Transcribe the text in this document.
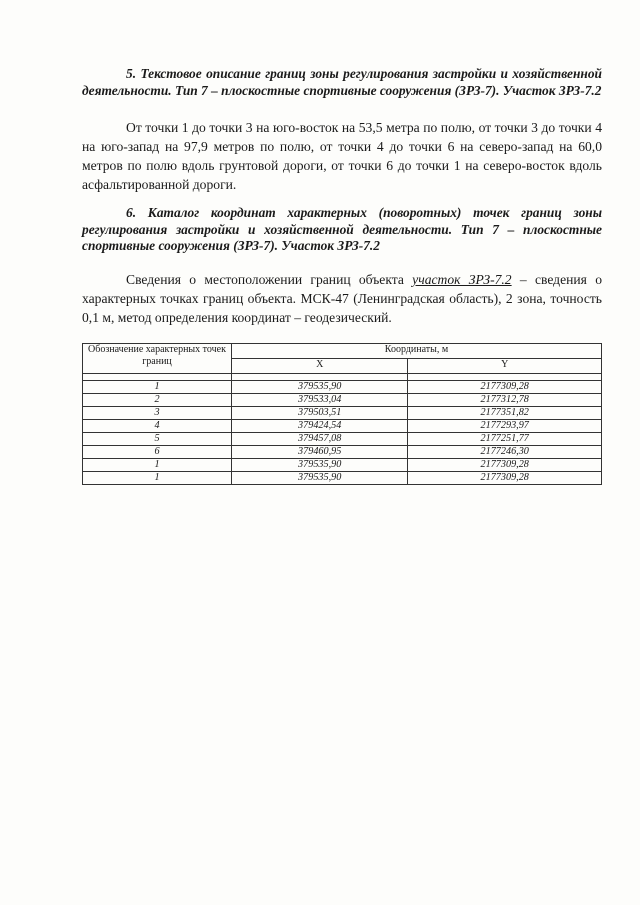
5. Текстовое описание границ зоны регулирования застройки и хозяйственной деятельности. Тип 7 – плоскостные спортивные сооружения (ЗРЗ-7). Участок ЗРЗ-7.2
От точки 1 до точки 3 на юго-восток на 53,5 метра по полю, от точки 3 до точки 4 на юго-запад на 97,9 метров по полю, от точки 4 до точки 6 на северо-запад на 60,0 метров по полю вдоль грунтовой дороги, от точки 6 до точки 1 на северо-восток вдоль асфальтированной дороги.
6. Каталог координат характерных (поворотных) точек границ зоны регулирования застройки и хозяйственной деятельности. Тип 7 – плоскостные спортивные сооружения (ЗРЗ-7). Участок ЗРЗ-7.2
Сведения о местоположении границ объекта участок ЗРЗ-7.2 – сведения о характерных точках границ объекта. МСК-47 (Ленинградская область), 2 зона, точность 0,1 м, метод определения координат – геодезический.
Обозначение характерных точек границ	Координаты, м	
	X	Y

1	379535,90	2177309,28
2	379533,04	2177312,78
3	379503,51	2177351,82
4	379424,54	2177293,97
5	379457,08	2177251,77
6	379460,95	2177246,30
1	379535,90	2177309,28
1	379535,90	2177309,28
